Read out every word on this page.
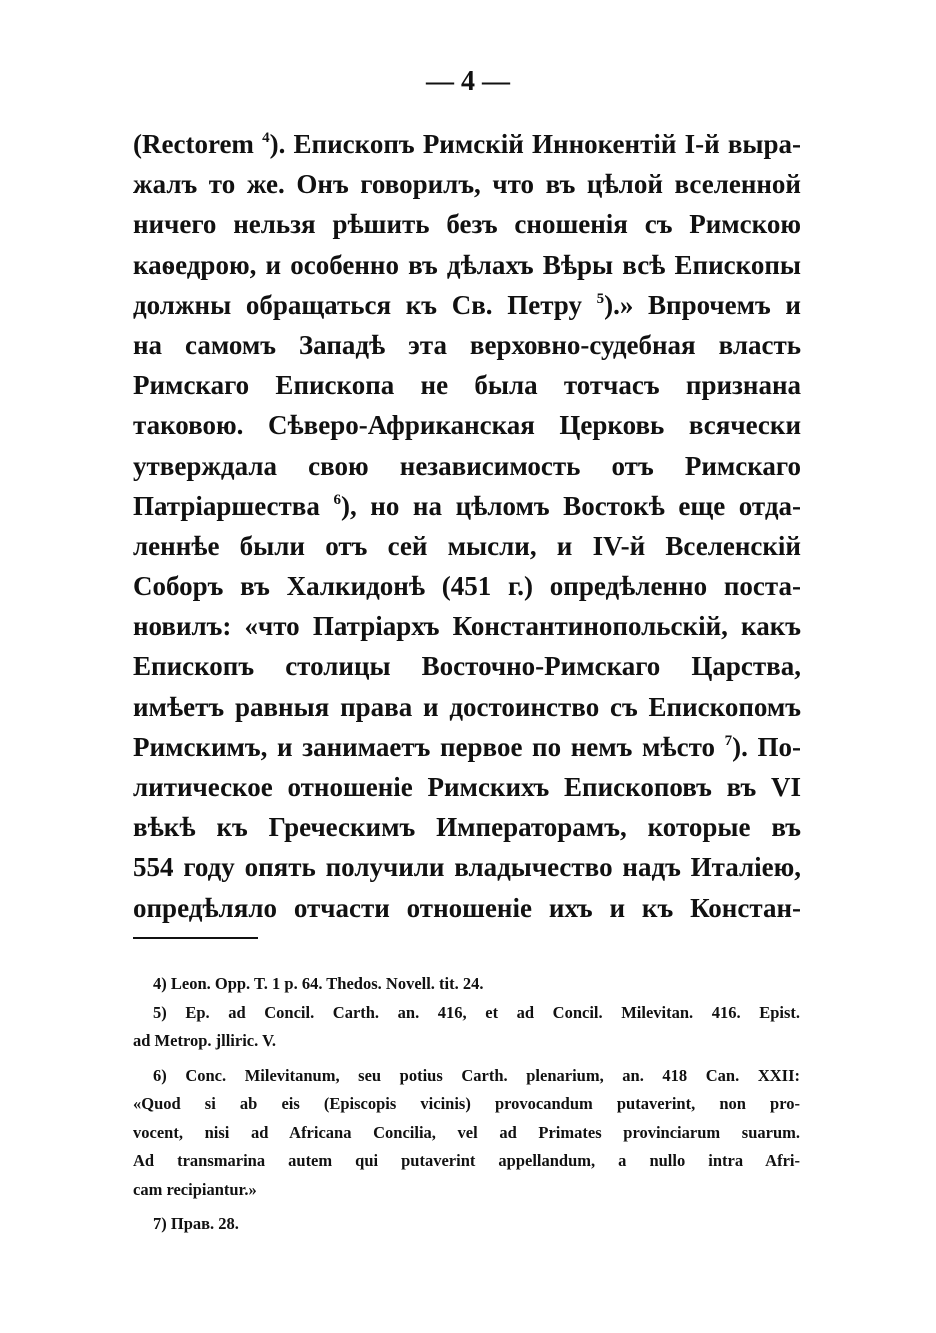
— 4 —
(Rectorem $^4$). Епископъ Римскій Иннокентій I-й выра-
жалъ то же. Онъ говорилъ, что въ цѣлой вселенной
ничего нельзя рѣшить безъ сношенія съ Римскою
каѳедрою, и особенно въ дѣлахъ Вѣры всѣ Епископы
должны обращаться къ Св. Петру $^5$).» Впрочемъ и
на самомъ Западѣ эта верховно-судебная власть
Римскаго Епископа не была тотчасъ признана
таковою. Сѣверо-Африканская Церковь всячески
утверждала свою независимость отъ Римскаго
Патріаршества $^6$), но на цѣломъ Востокѣ еще отда-
леннѣе были отъ сей мысли, и IV-й Вселенскій
Соборъ въ Халкидонѣ (451 г.) опредѣленно поста-
новилъ: «что Патріархъ Константинопольскій, какъ
Епископъ столицы Восточно-Римскаго Царства,
имѣетъ равныя права и достоинство съ Епископомъ
Римскимъ, и занимаетъ первое по немъ мѣсто $^7$). По-
литическое отношеніе Римскихъ Епископовъ въ VI
вѣкѣ къ Греческимъ Императорамъ, которые въ
554 году опять получили владычество надъ Италіею,
опредѣляло отчасти отношеніе ихъ и къ Констан-
4) Leon. Opp. T. 1 p. 64. Thedos. Novell. tit. 24.
5) Ep. ad Concil. Carth. an. 416, et ad Concil. Milevitan. 416. Epist.
ad Metrop. jlliric. V.
6) Conc. Milevitanum, seu potius Carth. plenarium, an. 418 Can. XXII:
«Quod si ab eis (Episcopis vicinis) provocandum putaverint, non pro-
vocent, nisi ad Africana Concilia, vel ad Primates provinciarum suarum.
Ad transmarina autem qui putaverint appellandum, a nullo intra Afri-
cam recipiantur.»
7) Прав. 28.
